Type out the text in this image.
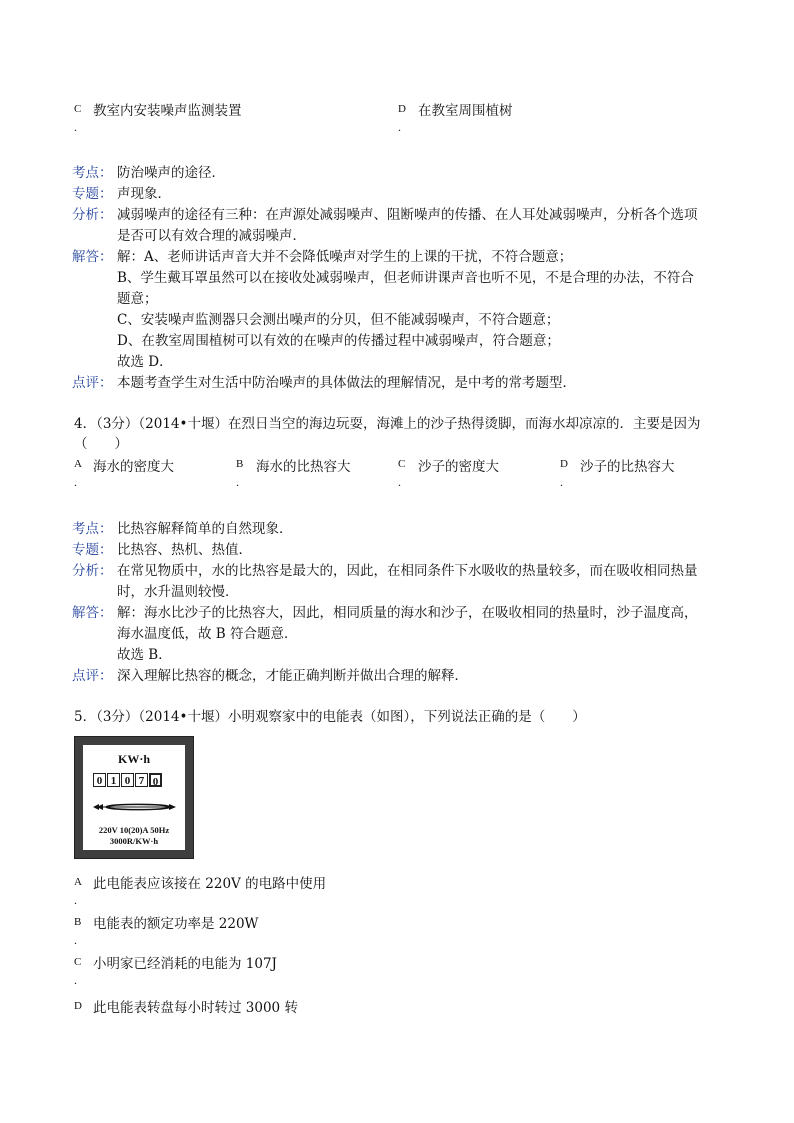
C
.
教室内安装噪声监测装置	D
.
在教室周围植树
考点： 防治噪声的途径．
专题： 声现象．
分析： 减弱噪声的途径有三种：在声源处减弱噪声、阻断噪声的传播、在人耳处减弱噪声，分析各个选项
是否可以有效合理的减弱噪声．
解答： 解：A、老师讲话声音大并不会降低噪声对学生的上课的干扰，不符合题意；
B、学生戴耳罩虽然可以在接收处减弱噪声，但老师讲课声音也听不见，不是合理的办法，不符合
题意；
C、安装噪声监测器只会测出噪声的分贝，但不能减弱噪声，不符合题意；
D、在教室周围植树可以有效的在噪声的传播过程中减弱噪声，符合题意；
故选 D．
点评： 本题考查学生对生活中防治噪声的具体做法的理解情况，是中考的常考题型．
4．（3分）（2014•十堰）在烈日当空的海边玩耍，海滩上的沙子热得烫脚，而海水却凉凉的．主要是因为
（　　）
A
.
海水的密度大	B
.
海水的比热容大	C
.
沙子的密度大	D
.
沙子的比热容大
考点： 比热容解释简单的自然现象．
专题： 比热容、热机、热值．
分析： 在常见物质中，水的比热容是最大的，因此，在相同条件下水吸收的热量较多，而在吸收相同热量
时，水升温则较慢．
解答： 解：海水比沙子的比热容大，因此，相同质量的海水和沙子，在吸收相同的热量时，沙子温度高，
海水温度低，故 B 符合题意．
故选 B．
点评： 深入理解比热容的概念，才能正确判断并做出合理的解释．
5．（3分）（2014•十堰）小明观察家中的电能表（如图），下列说法正确的是（　　）
KW·h
0 1 0 7 0
220V 10(20)A 50Hz
3000R/KW·h
A 此电能表应该接在 220V 的电路中使用
.
B 电能表的额定功率是 220W
.
C 小明家已经消耗的电能为 107J
.
D 此电能表转盘每小时转过 3000 转
